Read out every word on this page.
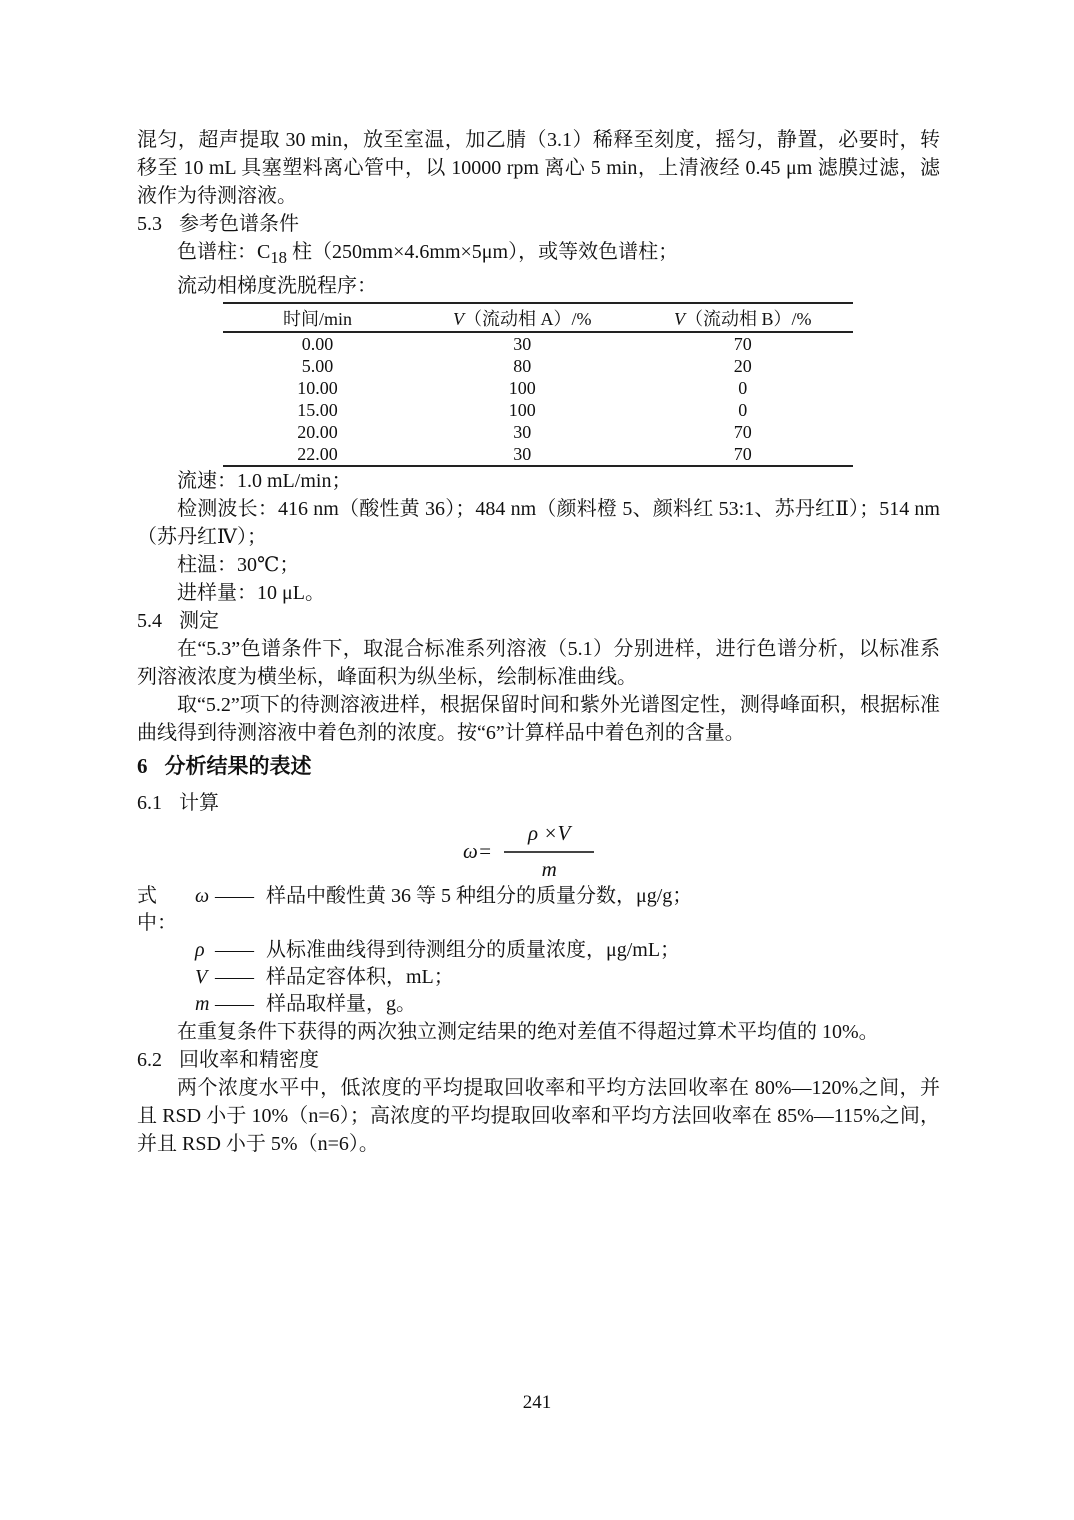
混匀，超声提取 30 min，放至室温，加乙腈（3.1）稀释至刻度，摇匀，静置，必要时，转移至 10 mL 具塞塑料离心管中，以 10000 rpm 离心 5 min，上清液经 0.45 μm 滤膜过滤，滤液作为待测溶液。

5.3 参考色谱条件

色谱柱：$C_{18}$ 柱（250mm×4.6mm×5μm），或等效色谱柱；

流动相梯度洗脱程序：

时间/min	V（流动相 A）/%	V（流动相 B）/%
0.00	30	70
5.00	80	20
10.00	100	0
15.00	100	0
20.00	30	70
22.00	30	70

流速：1.0 mL/min；

检测波长：416 nm（酸性黄 36）；484 nm（颜料橙 5、颜料红 53:1、苏丹红Ⅱ）；514 nm（苏丹红Ⅳ）；

柱温：30℃；

进样量：10 μL。

5.4 测定

在“5.3”色谱条件下，取混合标准系列溶液（5.1）分别进样，进行色谱分析，以标准系列溶液浓度为横坐标，峰面积为纵坐标，绘制标准曲线。

取“5.2”项下的待测溶液进样，根据保留时间和紫外光谱图定性，测得峰面积，根据标准曲线得到待测溶液中着色剂的浓度。按“6”计算样品中着色剂的含量。

6 分析结果的表述

6.1 计算

$\omega= \frac{\rho \times V}{m}$
式中：
ω —— 样品中酸性黄 36 等 5 种组分的质量分数，μg/g；
ρ —— 从标准曲线得到待测组分的质量浓度，μg/mL；
V —— 样品定容体积，mL；
m —— 样品取样量，g。

在重复条件下获得的两次独立测定结果的绝对差值不得超过算术平均值的 10%。

6.2 回收率和精密度

两个浓度水平中，低浓度的平均提取回收率和平均方法回收率在 80%—120%之间，并且 RSD 小于 10%（n=6）；高浓度的平均提取回收率和平均方法回收率在 85%—115%之间，并且 RSD 小于 5%（n=6）。

241
